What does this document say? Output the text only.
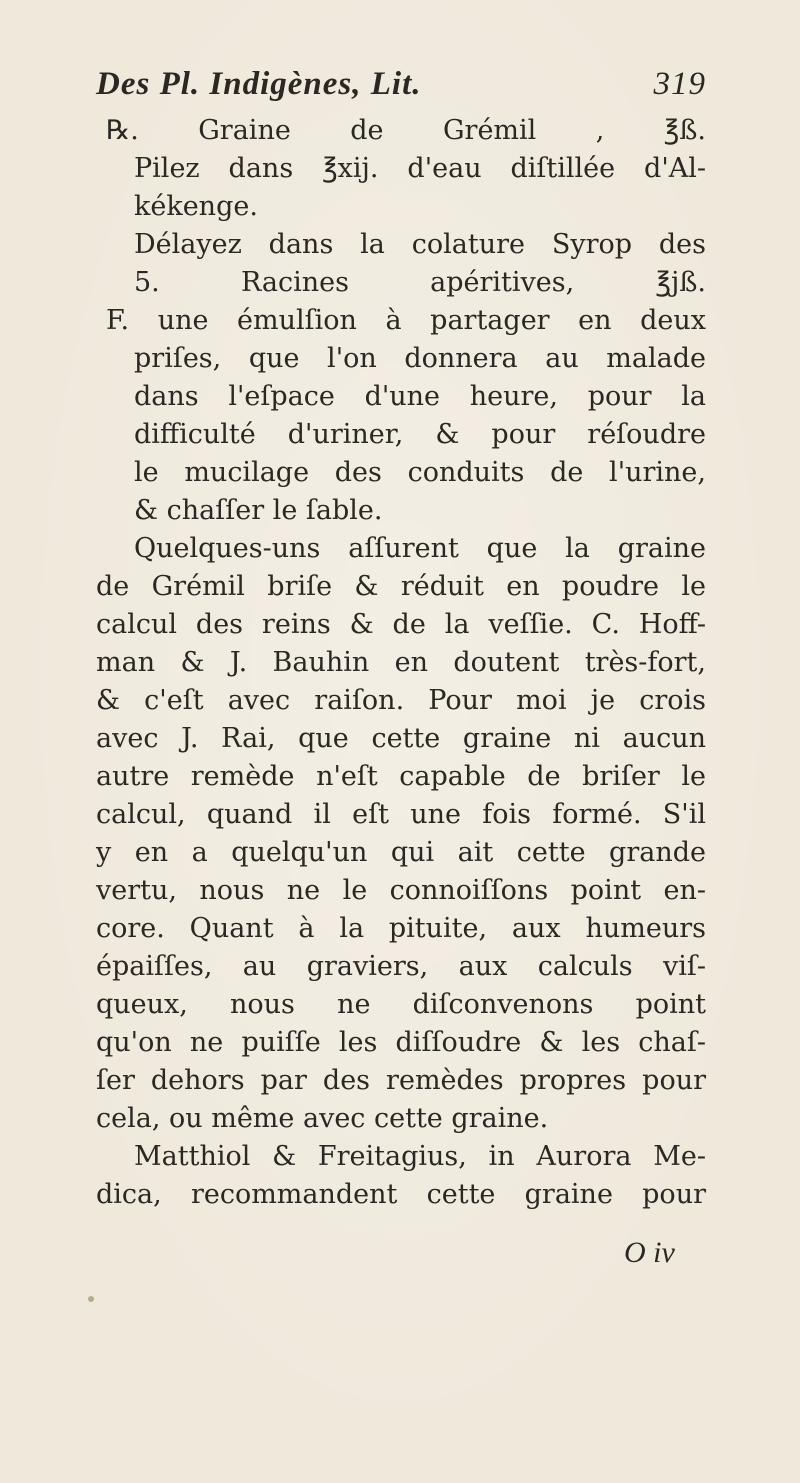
Des Pl. Indigènes, Lit.	319
℞. Graine de Grémil , ℥ß.
Pilez dans ℥xij. d'eau diſtillée d'Al-
kékenge.
Délayez dans la colature Syrop des
5. Racines apéritives, ℥jß.
F. une émulſion à partager en deux
priſes, que l'on donnera au malade
dans l'eſpace d'une heure, pour la
difficulté d'uriner, & pour réſoudre
le mucilage des conduits de l'urine,
& chaſſer le ſable.
Quelques-uns aſſurent que la graine
de Grémil briſe & réduit en poudre le
calcul des reins & de la veſſie. C. Hoff-
man & J. Bauhin en doutent très-fort,
& c'eſt avec raiſon. Pour moi je crois
avec J. Rai, que cette graine ni aucun
autre remède n'eſt capable de briſer le
calcul, quand il eſt une fois formé. S'il
y en a quelqu'un qui ait cette grande
vertu, nous ne le connoiſſons point en-
core. Quant à la pituite, aux humeurs
épaiſſes, au graviers, aux calculs viſ-
queux, nous ne diſconvenons point
qu'on ne puiſſe les diſſoudre & les chaſ-
ſer dehors par des remèdes propres pour
cela, ou même avec cette graine.
Matthiol & Freitagius, in Aurora Me-
dica, recommandent cette graine pour
O iv
